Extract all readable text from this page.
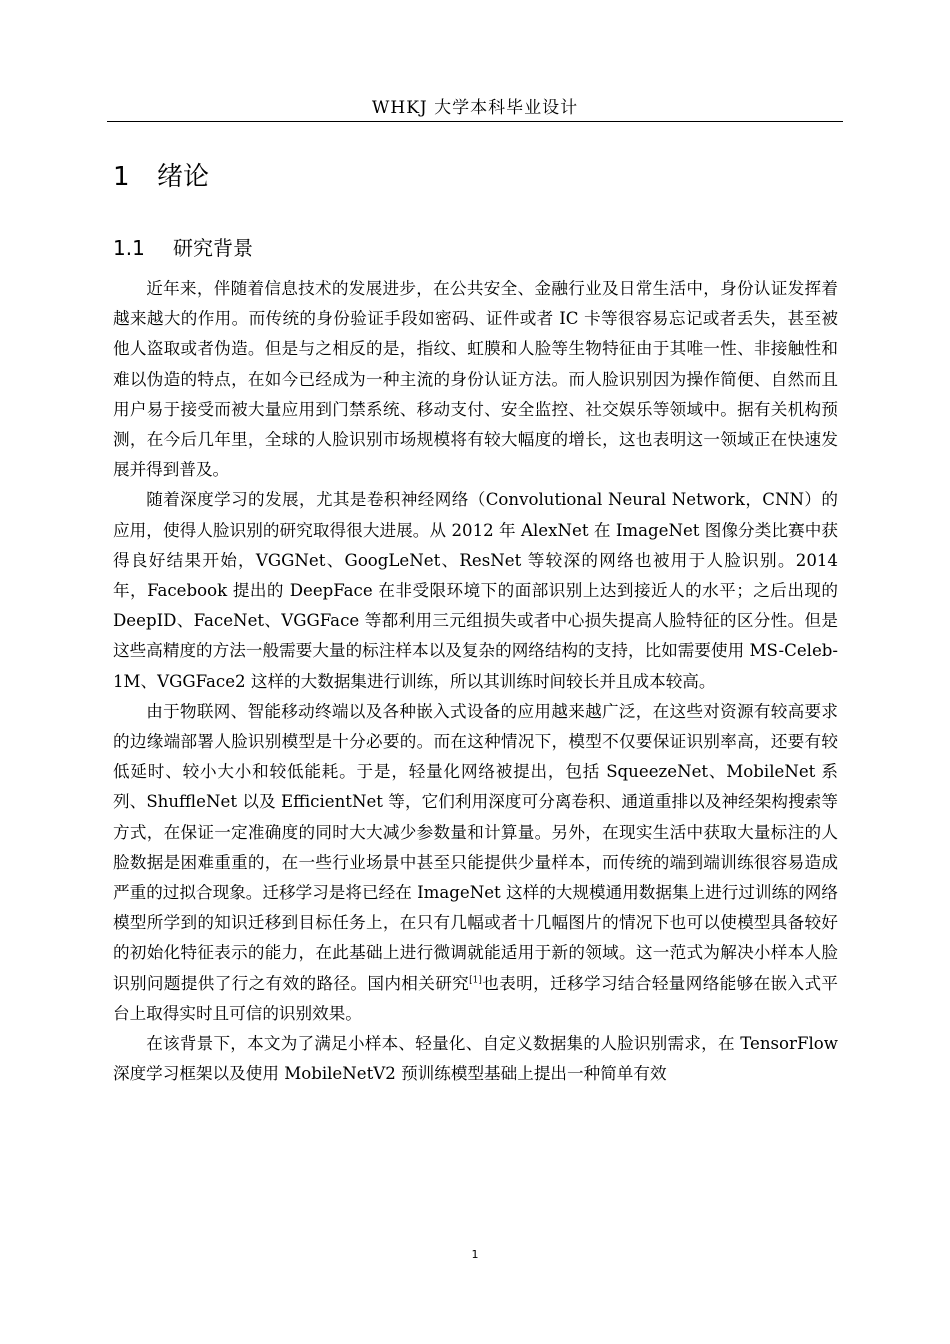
WHKJ 大学本科毕业设计
1 绪论
1.1 研究背景

近年来，伴随着信息技术的发展进步，在公共安全、金融行业及日常生活中，身份认证发挥着越来越大的作用。而传统的身份验证手段如密码、证件或者 IC 卡等很容易忘记或者丢失，甚至被他人盗取或者伪造。但是与之相反的是，指纹、虹膜和人脸等生物特征由于其唯一性、非接触性和难以伪造的特点，在如今已经成为一种主流的身份认证方法。而人脸识别因为操作简便、自然而且用户易于接受而被大量应用到门禁系统、移动支付、安全监控、社交娱乐等领域中。据有关机构预测，在今后几年里，全球的人脸识别市场规模将有较大幅度的增长，这也表明这一领域正在快速发展并得到普及。

随着深度学习的发展，尤其是卷积神经网络（Convolutional Neural Network，CNN）的应用，使得人脸识别的研究取得很大进展。从 2012 年 AlexNet 在 ImageNet 图像分类比赛中获得良好结果开始，VGGNet、GoogLeNet、ResNet 等较深的网络也被用于人脸识别。2014 年，Facebook 提出的 DeepFace 在非受限环境下的面部识别上达到接近人的水平；之后出现的 DeepID、FaceNet、VGGFace 等都利用三元组损失或者中心损失提高人脸特征的区分性。但是这些高精度的方法一般需要大量的标注样本以及复杂的网络结构的支持，比如需要使用 MS-Celeb-1M、VGGFace2 这样的大数据集进行训练，所以其训练时间较长并且成本较高。

由于物联网、智能移动终端以及各种嵌入式设备的应用越来越广泛，在这些对资源有较高要求的边缘端部署人脸识别模型是十分必要的。而在这种情况下，模型不仅要保证识别率高，还要有较低延时、较小大小和较低能耗。于是，轻量化网络被提出，包括 SqueezeNet、MobileNet 系列、ShuffleNet 以及 EfficientNet 等，它们利用深度可分离卷积、通道重排以及神经架构搜索等方式，在保证一定准确度的同时大大减少参数量和计算量。另外，在现实生活中获取大量标注的人脸数据是困难重重的，在一些行业场景中甚至只能提供少量样本，而传统的端到端训练很容易造成严重的过拟合现象。迁移学习是将已经在 ImageNet 这样的大规模通用数据集上进行过训练的网络模型所学到的知识迁移到目标任务上，在只有几幅或者十几幅图片的情况下也可以使模型具备较好的初始化特征表示的能力，在此基础上进行微调就能适用于新的领域。这一范式为解决小样本人脸识别问题提供了行之有效的路径。国内相关研究[1]也表明，迁移学习结合轻量网络能够在嵌入式平台上取得实时且可信的识别效果。

在该背景下，本文为了满足小样本、轻量化、自定义数据集的人脸识别需求，在 TensorFlow 深度学习框架以及使用 MobileNetV2 预训练模型基础上提出一种简单有效

1
